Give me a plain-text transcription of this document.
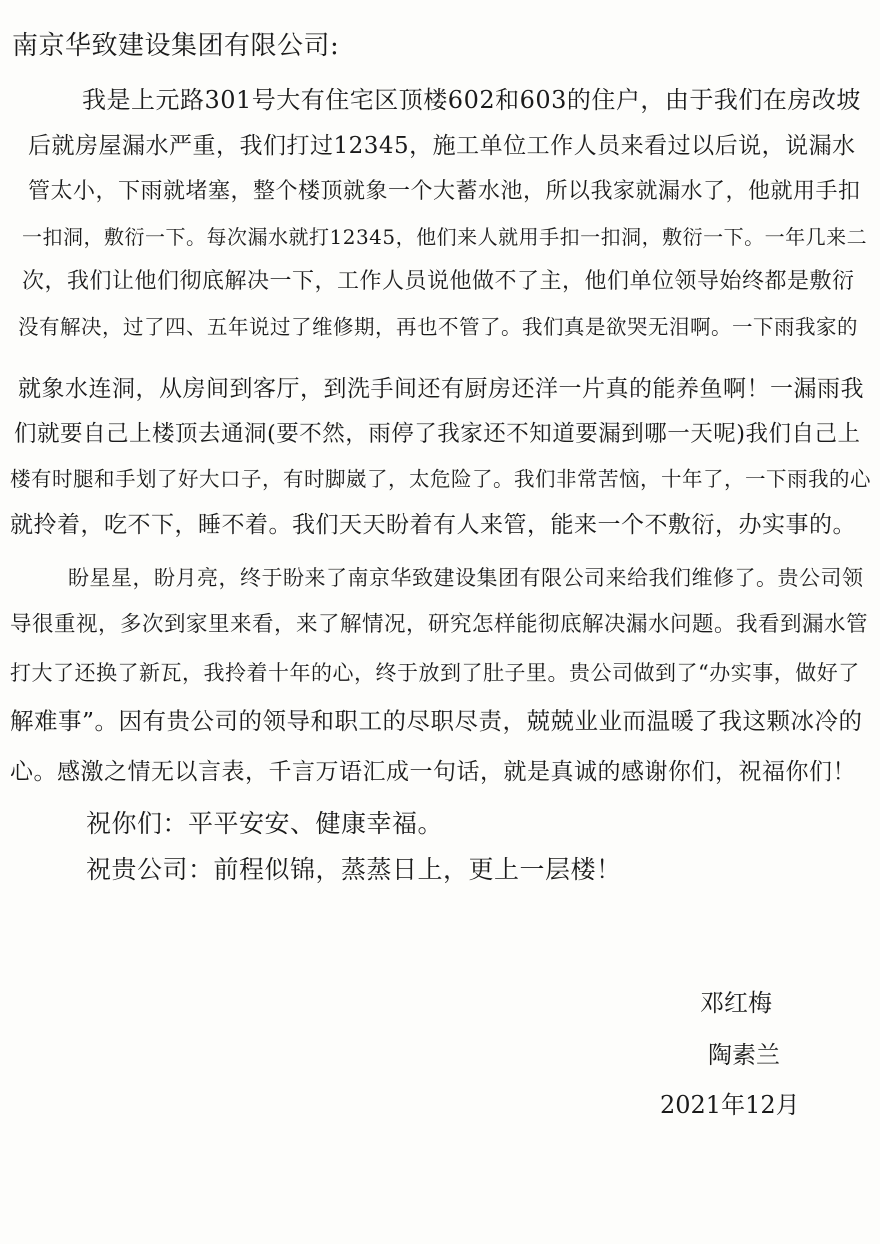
南京华致建设集团有限公司:
我是上元路301号大有住宅区顶楼602和603的住户，由于我们在房改坡
后就房屋漏水严重，我们打过12345，施工单位工作人员来看过以后说，说漏水
管太小，下雨就堵塞，整个楼顶就象一个大蓄水池，所以我家就漏水了，他就用手扣
一扣洞，敷衍一下。每次漏水就打12345，他们来人就用手扣一扣洞，敷衍一下。一年几来二
次，我们让他们彻底解决一下，工作人员说他做不了主，他们单位领导始终都是敷衍
没有解决，过了四、五年说过了维修期，再也不管了。我们真是欲哭无泪啊。一下雨我家的
就象水连洞，从房间到客厅，到洗手间还有厨房还洋一片真的能养鱼啊！一漏雨我
们就要自己上楼顶去通洞(要不然，雨停了我家还不知道要漏到哪一天呢)我们自己上
楼有时腿和手划了好大口子，有时脚崴了，太危险了。我们非常苦恼，十年了，一下雨我的心
就拎着，吃不下，睡不着。我们天天盼着有人来管，能来一个不敷衍，办实事的。
盼星星，盼月亮，终于盼来了南京华致建设集团有限公司来给我们维修了。贵公司领
导很重视，多次到家里来看，来了解情况，研究怎样能彻底解决漏水问题。我看到漏水管
打大了还换了新瓦，我拎着十年的心，终于放到了肚子里。贵公司做到了“办实事，做好了
解难事”。因有贵公司的领导和职工的尽职尽责，兢兢业业而温暖了我这颗冰冷的
心。感激之情无以言表，千言万语汇成一句话，就是真诚的感谢你们，祝福你们！
祝你们：平平安安、健康幸福。
祝贵公司：前程似锦，蒸蒸日上，更上一层楼！
邓红梅
陶素兰
2021年12月
